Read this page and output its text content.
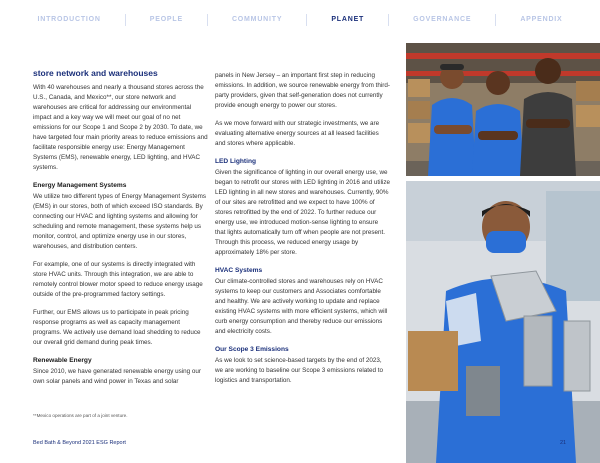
INTRODUCTION	PEOPLE	COMMUNITY	PLANET	GOVERNANCE	APPENDIX
store network and warehouses

With 40 warehouses and nearly a thousand stores across the U.S., Canada, and Mexico**, our store network and warehouses are critical for addressing our environmental impact and a key way we will meet our goal of no net emissions for our Scope 1 and Scope 2 by 2030. To date, we have targeted four main priority areas to reduce emissions and facilitate responsible energy use: Energy Management Systems (EMS), renewable energy, LED lighting, and HVAC systems.

Energy Management Systems

We utilize two different types of Energy Management Systems (EMS) in our stores, both of which exceed ISO standards. By connecting our HVAC and lighting systems and allowing for scheduling and remote management, these systems help us monitor, control, and optimize energy use in our stores, warehouses, and distribution centers.

For example, one of our systems is directly integrated with store HVAC units. Through this integration, we are able to remotely control blower motor speed to reduce energy usage outside of the pre-programmed factory settings.

Further, our EMS allows us to participate in peak pricing response programs as well as capacity management programs. We actively use demand load shedding to reduce our overall grid demand during peak times.

Renewable Energy

Since 2010, we have generated renewable energy using our own solar panels and wind power in Texas and solar

panels in New Jersey – an important first step in reducing emissions. In addition, we source renewable energy from third-party providers, given that self-generation does not currently provide enough energy to power our stores.

As we move forward with our strategic investments, we are evaluating alternative energy sources at all leased facilities and stores where applicable.

LED Lighting

Given the significance of lighting in our overall energy use, we began to retrofit our stores with LED lighting in 2016 and utilize LED lighting in all new stores and warehouses. Currently, 90% of our sites are retrofitted and we expect to have 100% of stores retrofitted by the end of 2022. To further reduce our energy use, we introduced motion-sense lighting to ensure that lights automatically turn off when people are not present. Through this process, we reduced energy usage by approximately 18% per store.

HVAC Systems

Our climate-controlled stores and warehouses rely on HVAC systems to keep our customers and Associates comfortable and healthy. We are actively working to update and replace existing HVAC systems with more efficient systems, which will curb energy consumption and thereby reduce our emissions and electricity costs.

Our Scope 3 Emissions

As we look to set science-based targets by the end of 2023, we are working to baseline our Scope 3 emissions related to logistics and transportation.

**Mexico operations are part of a joint venture.
Bed Bath & Beyond 2021 ESG Report	21
